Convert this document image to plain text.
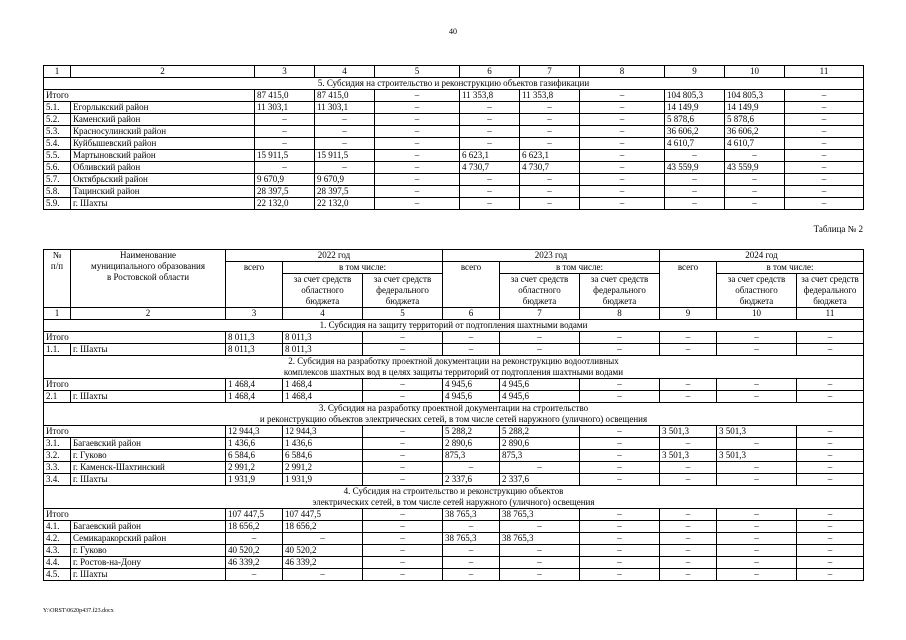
40
1	2	3	4	5	6	7	8	9	10	11
5. Субсидия на строительство и реконструкцию объектов газификации										
Итого		87 415,0	87 415,0	–	11 353,8	11 353,8	–	104 805,3	104 805,3	–
5.1.	Егорлыкский район	11 303,1	11 303,1	–	–	–	–	14 149,9	14 149,9	–
5.2.	Каменский район	–	–	–	–	–	–	5 878,6	5 878,6	–
5.3.	Красносулинский район	–	–	–	–	–	–	36 606,2	36 606,2	–
5.4.	Куйбышевский район	–	–	–	–	–	–	4 610,7	4 610,7	–
5.5.	Мартыновский район	15 911,5	15 911,5	–	6 623,1	6 623,1	–	–	–	–
5.6.	Обливский район	–	–	–	4 730,7	4 730,7	–	43 559,9	43 559,9	–
5.7.	Октябрьский район	9 670,9	9 670,9	–	–	–	–	–	–	–
5.8.	Тацинский район	28 397,5	28 397,5	–	–	–	–	–	–	–
5.9.	г. Шахты	22 132,0	22 132,0	–	–	–	–	–	–	–
Таблица № 2
№
п/п	Наименование
муниципального образования
в Ростовской области	2022 год			2023 год			2024 год		
		всего	в том числе:		всего	в том числе:		всего	в том числе:	
			за счет средств
областного
бюджета	за счет средств
федерального
бюджета		за счет средств
областного
бюджета	за счет средств
федерального
бюджета		за счет средств
областного
бюджета	за счет средств
федерального
бюджета
1	2	3	4	5	6	7	8	9	10	11
1. Субсидия на защиту территорий от подтопления шахтными водами										
Итого		8 011,3	8 011,3	–	–	–	–	–	–	–
1.1.	г. Шахты	8 011,3	8 011,3	–	–	–	–	–	–	–
2. Субсидия на разработку проектной документации на реконструкцию водоотливных
комплексов шахтных вод в целях защиты территорий от подтопления шахтными водами										
Итого		1 468,4	1 468,4	–	4 945,6	4 945,6	–	–	–	–
2.1	г. Шахты	1 468,4	1 468,4	–	4 945,6	4 945,6	–	–	–	–
3. Субсидия на разработку проектной документации на строительство
и реконструкцию объектов электрических сетей, в том числе сетей наружного (уличного) освещения										
Итого		12 944,3	12 944,3	–	5 288,2	5 288,2	–	3 501,3	3 501,3	–
3.1.	Багаевский район	1 436,6	1 436,6	–	2 890,6	2 890,6	–	–	–	–
3.2.	г. Гуково	6 584,6	6 584,6	–	875,3	875,3	–	3 501,3	3 501,3	–
3.3.	г. Каменск-Шахтинский	2 991,2	2 991,2	–	–	–	–	–	–	–
3.4.	г. Шахты	1 931,9	1 931,9	–	2 337,6	2 337,6	–	–	–	–
4. Субсидия на строительство и реконструкцию объектов
электрических сетей, в том числе сетей наружного (уличного) освещения										
Итого		107 447,5	107 447,5	–	38 765,3	38 765,3	–	–	–	–
4.1.	Багаевский район	18 656,2	18 656,2	–	–	–	–	–	–	–
4.2.	Семикаракорский район	–	–	–	38 765,3	38 765,3	–	–	–	–
4.3.	г. Гуково	40 520,2	40 520,2	–	–	–	–	–	–	–
4.4.	г. Ростов-на-Дону	46 339,2	46 339,2	–	–	–	–	–	–	–
4.5.	г. Шахты	–	–	–	–	–	–	–	–	–
Y:\ORST\0620p437.f23.docx
